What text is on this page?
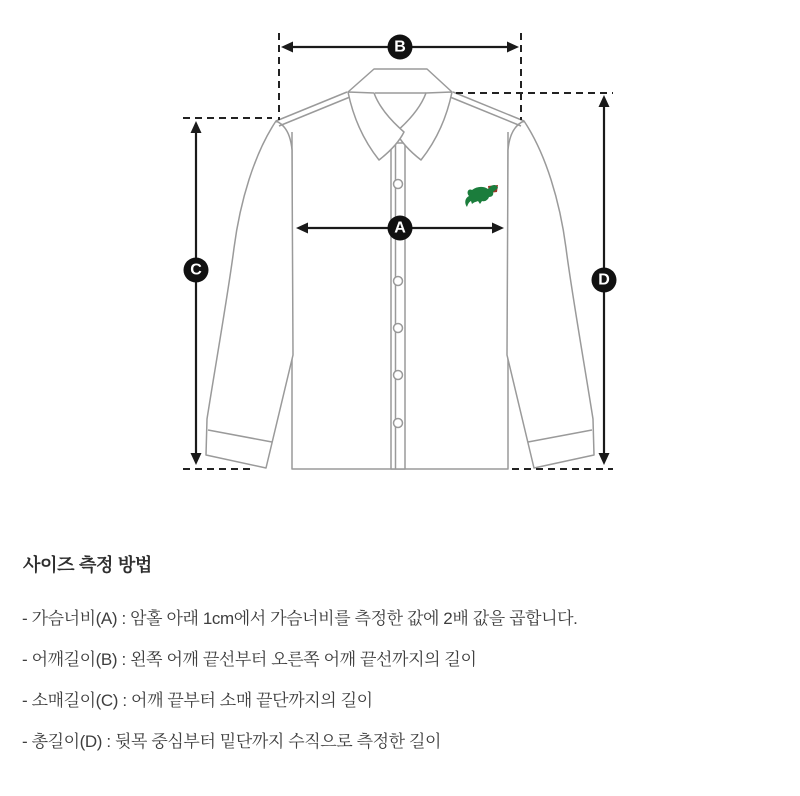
B
A
C
D
사이즈 측정 방법

- 가슴너비(A) : 암홀 아래 1cm에서 가슴너비를 측정한 값에 2배 값을 곱합니다.

- 어깨길이(B) : 왼쪽 어깨 끝선부터 오른쪽 어깨 끝선까지의 길이

- 소매길이(C) : 어깨 끝부터 소매 끝단까지의 길이

- 총길이(D) : 뒷목 중심부터 밑단까지 수직으로 측정한 길이
